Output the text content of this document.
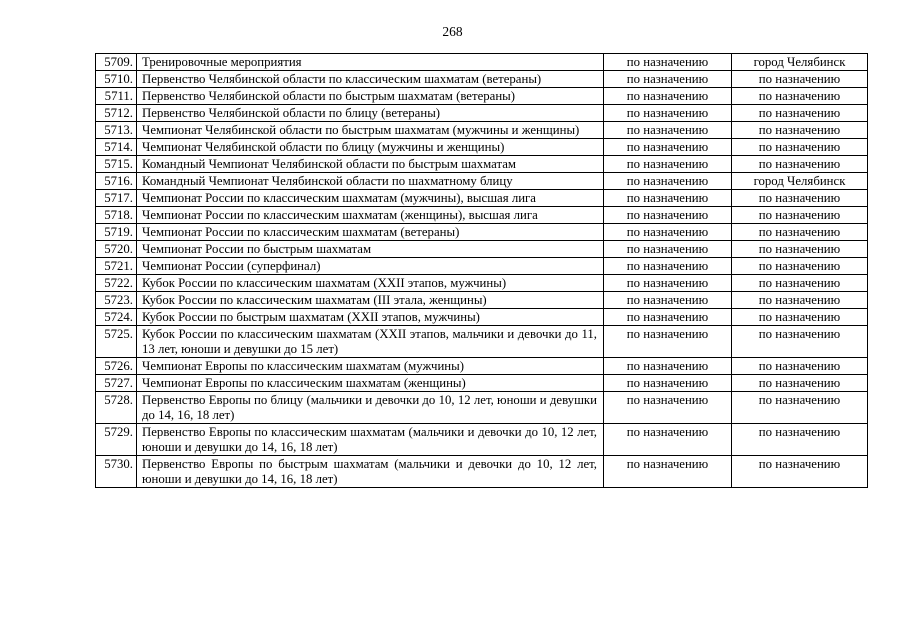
268
5709.	Тренировочные мероприятия	по назначению	город Челябинск
5710.	Первенство Челябинской области по классическим шахматам (ветераны)	по назначению	по назначению
5711.	Первенство Челябинской области по быстрым шахматам (ветераны)	по назначению	по назначению
5712.	Первенство Челябинской области по блицу (ветераны)	по назначению	по назначению
5713.	Чемпионат Челябинской области по быстрым шахматам (мужчины и женщины)	по назначению	по назначению
5714.	Чемпионат Челябинской области по блицу (мужчины и женщины)	по назначению	по назначению
5715.	Командный Чемпионат Челябинской области по быстрым шахматам	по назначению	по назначению
5716.	Командный Чемпионат Челябинской области по шахматному блицу	по назначению	город Челябинск
5717.	Чемпионат России по классическим шахматам (мужчины), высшая лига	по назначению	по назначению
5718.	Чемпионат России по классическим шахматам (женщины), высшая лига	по назначению	по назначению
5719.	Чемпионат России по классическим шахматам (ветераны)	по назначению	по назначению
5720.	Чемпионат России по быстрым шахматам	по назначению	по назначению
5721.	Чемпионат России (суперфинал)	по назначению	по назначению
5722.	Кубок России по классическим шахматам (XXII этапов, мужчины)	по назначению	по назначению
5723.	Кубок России по классическим шахматам (III этала, женщины)	по назначению	по назначению
5724.	Кубок России по быстрым шахматам (XXII этапов, мужчины)	по назначению	по назначению
5725.	Кубок России по классическим шахматам (XXII этапов, мальчики и девочки до 11, 13 лет, юноши и девушки до 15 лет)	по назначению	по назначению
5726.	Чемпионат Европы по классическим шахматам (мужчины)	по назначению	по назначению
5727.	Чемпионат Европы по классическим шахматам (женщины)	по назначению	по назначению
5728.	Первенство Европы по блицу (мальчики и девочки до 10, 12 лет, юноши и девушки до 14, 16, 18 лет)	по назначению	по назначению
5729.	Первенство Европы по классическим шахматам (мальчики и девочки до 10, 12 лет, юноши и девушки до 14, 16, 18 лет)	по назначению	по назначению
5730.	Первенство Европы по быстрым шахматам (мальчики и девочки до 10, 12 лет, юноши и девушки до 14, 16, 18 лет)	по назначению	по назначению
